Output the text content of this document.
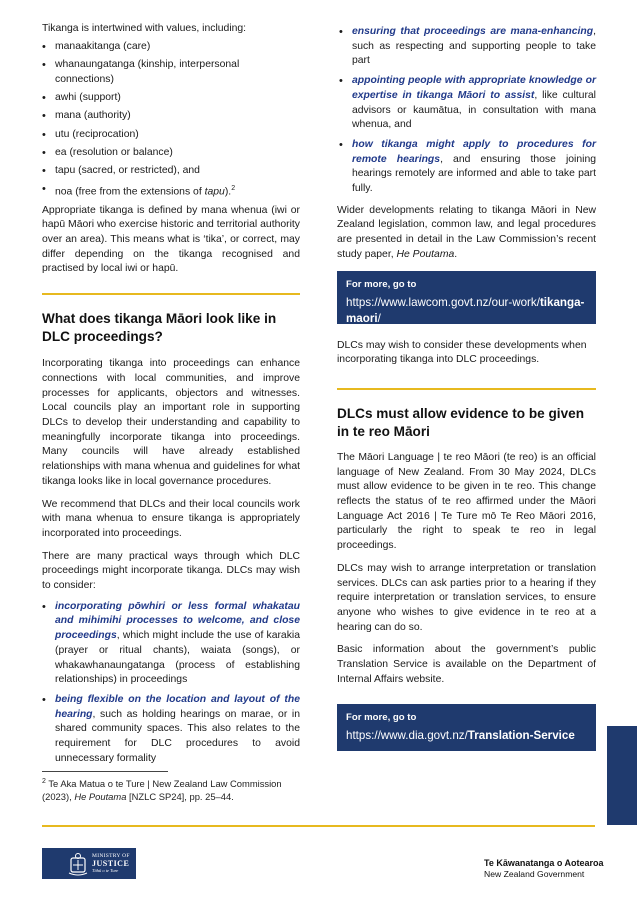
Tikanga is intertwined with values, including:

• manaakitanga (care)
• whanaungatanga (kinship, interpersonal connections)
• awhi (support)
• mana (authority)
• utu (reciprocation)
• ea (resolution or balance)
• tapu (sacred, or restricted), and
• noa (free from the extensions of tapu).$^2$

Appropriate tikanga is defined by mana whenua (iwi or hapū Māori who exercise historic and territorial authority over an area). This means what is ‘tika’, or correct, may differ depending on the tikanga recognised and practised by local iwi or hapū.

What does tikanga Māori look like in DLC proceedings?

Incorporating tikanga into proceedings can enhance connections with local communities, and improve processes for applicants, objectors and witnesses. Local councils play an important role in supporting DLCs to develop their understanding and capability to meaningfully incorporate tikanga into proceedings. Many councils will have already established relationships with mana whenua and guidelines for what tikanga looks like in local governance procedures.

We recommend that DLCs and their local councils work with mana whenua to ensure tikanga is appropriately incorporated into proceedings.

There are many practical ways through which DLC proceedings might incorporate tikanga. DLCs may wish to consider:

• incorporating pōwhiri or less formal whakatau and mihimihi processes to welcome, and close proceedings, which might include the use of karakia (prayer or ritual chants), waiata (songs), or whakawhanaungatanga (process of establishing relationships) in proceedings
• being flexible on the location and layout of the hearing, such as holding hearings on marae, or in shared community spaces. This also relates to the requirement for DLC procedures to avoid unnecessary formality
• ensuring that proceedings are mana-enhancing, such as respecting and supporting people to take part
• appointing people with appropriate knowledge or expertise in tikanga Māori to assist, like cultural advisors or kaumātua, in consultation with mana whenua, and
• how tikanga might apply to procedures for remote hearings, and ensuring those joining hearings remotely are informed and able to take part fully.

Wider developments relating to tikanga Māori in New Zealand legislation, common law, and legal procedures are presented in detail in the Law Commission’s recent study paper, He Poutama.

For more, go to
https://www.lawcom.govt.nz/our-work/tikanga-maori/

DLCs may wish to consider these developments when incorporating tikanga into DLC proceedings.

DLCs must allow evidence to be given in te reo Māori

The Māori Language | te reo Māori (te reo) is an official language of New Zealand. From 30 May 2024, DLCs must allow evidence to be given in te reo. This change reflects the status of te reo affirmed under the Māori Language Act 2016 | Te Ture mō Te Reo Māori 2016, particularly the right to speak te reo in legal proceedings.

DLCs may wish to arrange interpretation or translation services. DLCs can ask parties prior to a hearing if they require interpretation or translation services, to ensure anyone who wishes to give evidence in te reo at a hearing can do so.

Basic information about the government’s public Translation Service is available on the Department of Internal Affairs website.

For more, go to
https://www.dia.govt.nz/Translation-Service
$^2$ Te Aka Matua o te Ture | New Zealand Law Commission (2023), He Poutama [NZLC SP24], pp. 25–44.
MINISTRY OF
JUSTICE
Tāhū o te Ture
Te Kāwanatanga o Aotearoa
New Zealand Government
